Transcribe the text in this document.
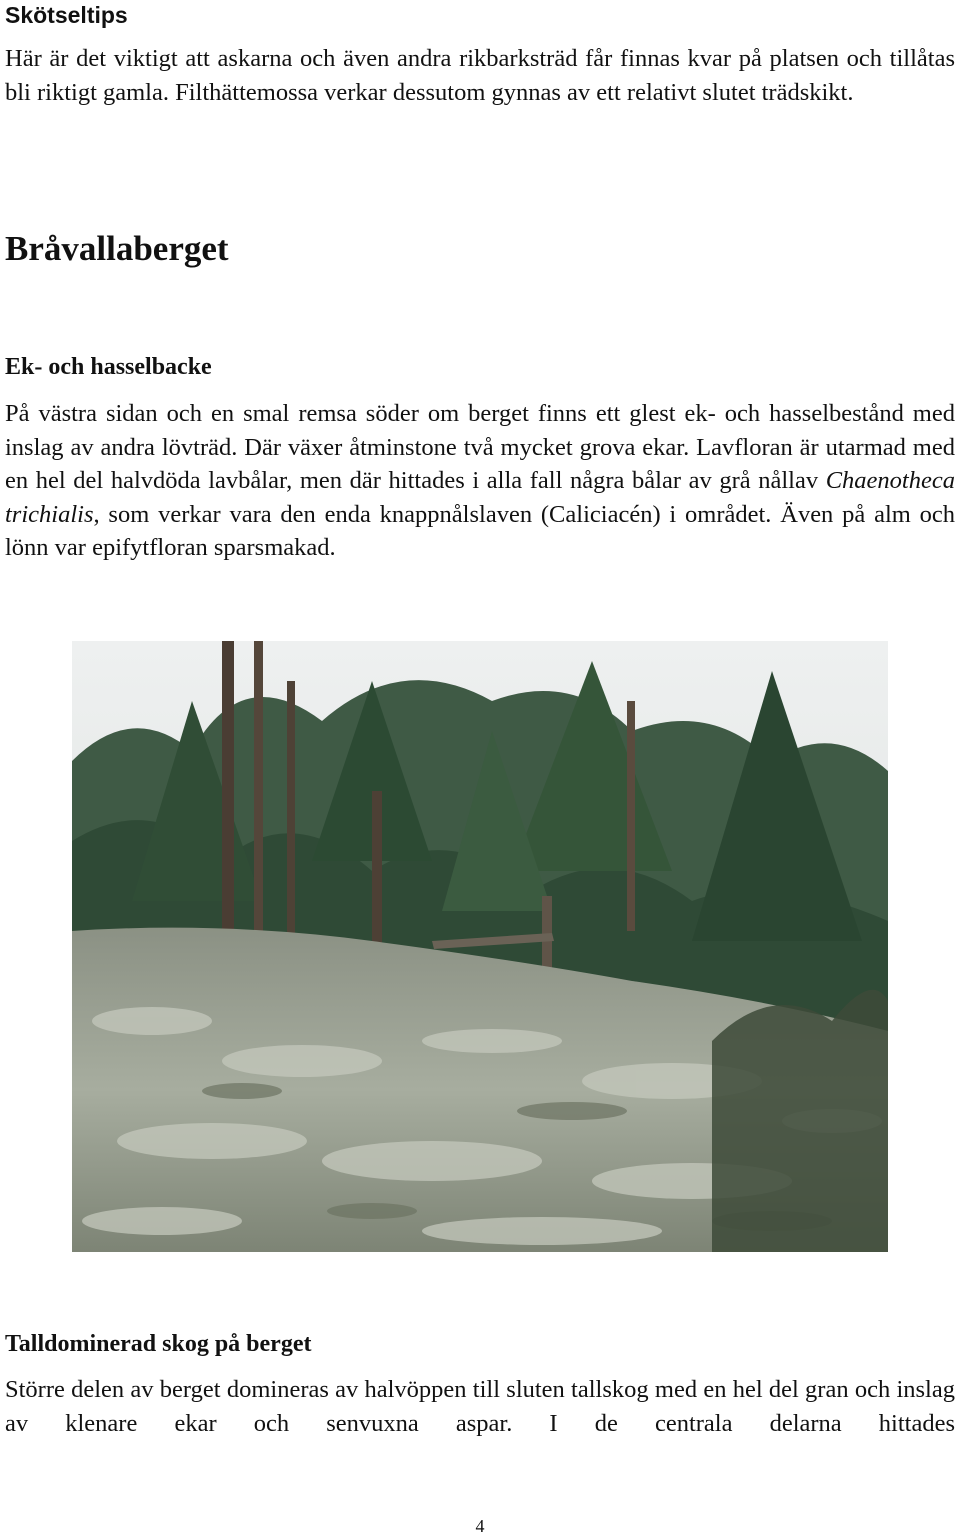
Skötseltips

Här är det viktigt att askarna och även andra rikbarksträd får finnas kvar på platsen och tillåtas bli riktigt gamla. Filthättemossa verkar dessutom gynnas av ett relativt slutet trädskikt.

Bråvallaberget
Ek- och hasselbacke

På västra sidan och en smal remsa söder om berget finns ett glest ek- och hasselbestånd med inslag av andra lövträd. Där växer åtminstone två mycket grova ekar. Lavfloran är utarmad med en hel del halvdöda lavbålar, men där hittades i alla fall några bålar av grå nållav Chaenotheca trichialis, som verkar vara den enda knappnålslaven (Caliciacén) i området. Även på alm och lönn var epifytfloran sparsmakad.

Talldominerad skog på berget

Större delen av berget domineras av halvöppen till sluten tallskog med en hel del gran och inslag av klenare ekar och senvuxna aspar. I de centrala delarna hittades

4
